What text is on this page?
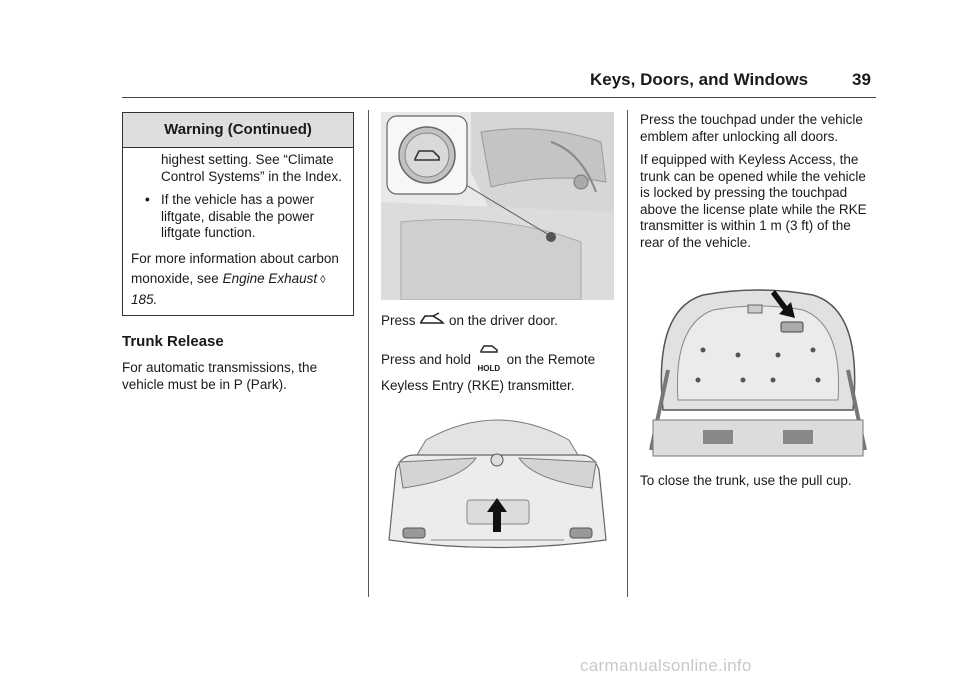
Keys, Doors, and Windows	39
Warning (Continued)

highest setting. See “Climate Control Systems” in the Index.

• If the vehicle has a power liftgate, disable the power liftgate function.

For more information about carbon monoxide, see Engine Exhaust ◊ 185.

Trunk Release

For automatic transmissions, the vehicle must be in P (Park).

Press  on the driver door.

Press and hold
HOLD
on the Remote Keyless Entry (RKE) transmitter.

Press the touchpad under the vehicle emblem after unlocking all doors.

If equipped with Keyless Access, the trunk can be opened while the vehicle is locked by pressing the touchpad above the license plate while the RKE transmitter is within 1 m (3 ft) of the rear of the vehicle.

To close the trunk, use the pull cup.

carmanualsonline.info
